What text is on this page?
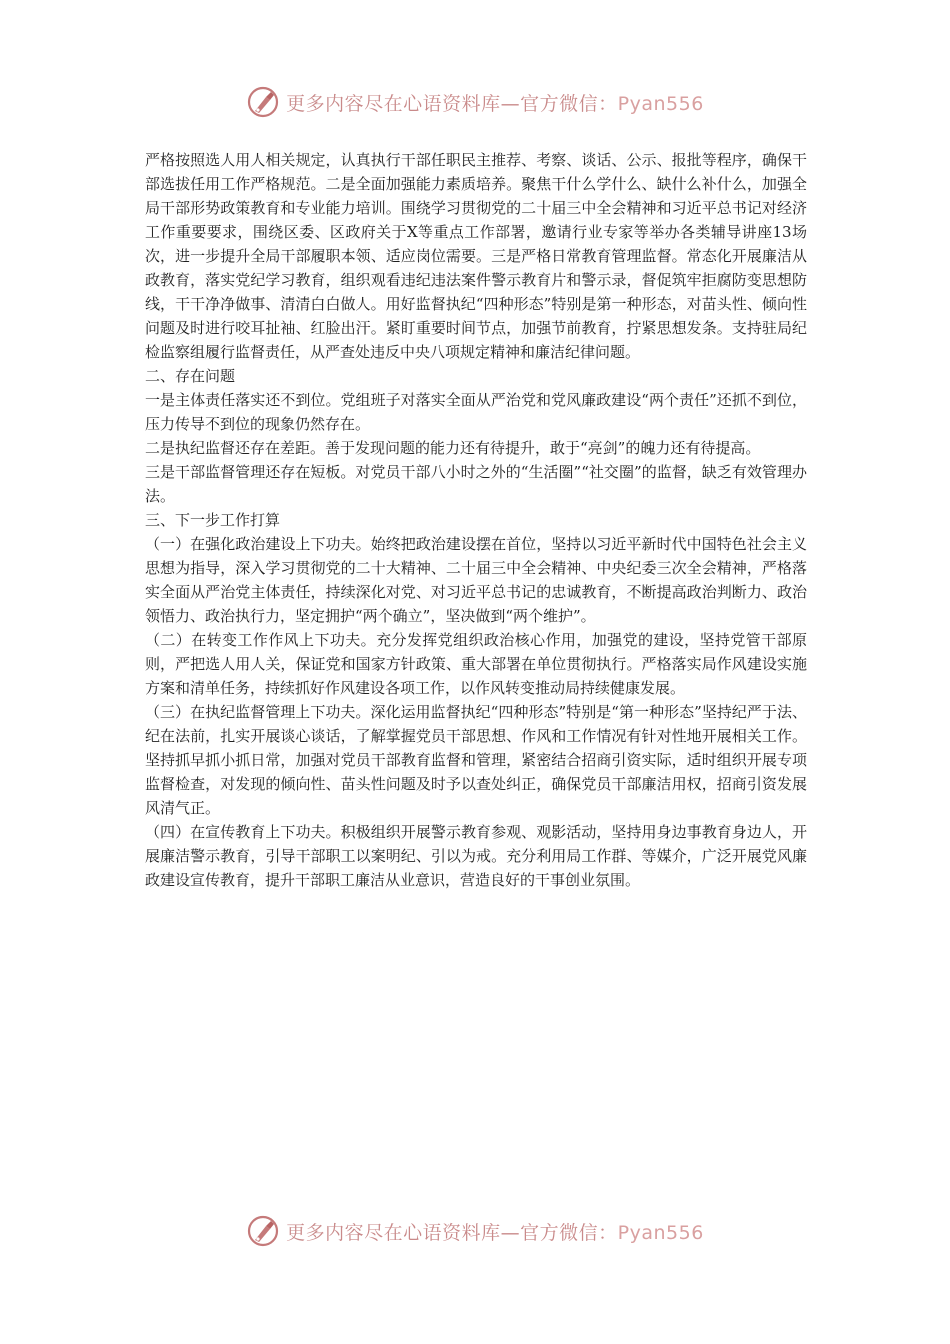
更多内容尽在心语资料库—官方微信：Pyan556

严格按照选人用人相关规定，认真执行干部任职民主推荐、考察、谈话、公示、报批等程序，确保干部选拔任用工作严格规范。二是全面加强能力素质培养。聚焦干什么学什么、缺什么补什么，加强全局干部形势政策教育和专业能力培训。围绕学习贯彻党的二十届三中全会精神和习近平总书记对经济工作重要要求，围绕区委、区政府关于X等重点工作部署，邀请行业专家等举办各类辅导讲座13场次，进一步提升全局干部履职本领、适应岗位需要。三是严格日常教育管理监督。常态化开展廉洁从政教育，落实党纪学习教育，组织观看违纪违法案件警示教育片和警示录，督促筑牢拒腐防变思想防线，干干净净做事、清清白白做人。用好监督执纪“四种形态”特别是第一种形态，对苗头性、倾向性问题及时进行咬耳扯袖、红脸出汗。紧盯重要时间节点，加强节前教育，拧紧思想发条。支持驻局纪检监察组履行监督责任，从严查处违反中央八项规定精神和廉洁纪律问题。

二、存在问题

一是主体责任落实还不到位。党组班子对落实全面从严治党和党风廉政建设“两个责任”还抓不到位，压力传导不到位的现象仍然存在。

二是执纪监督还存在差距。善于发现问题的能力还有待提升，敢于“亮剑”的魄力还有待提高。

三是干部监督管理还存在短板。对党员干部八小时之外的“生活圈”“社交圈”的监督，缺乏有效管理办法。

三、下一步工作打算

（一）在强化政治建设上下功夫。始终把政治建设摆在首位，坚持以习近平新时代中国特色社会主义思想为指导，深入学习贯彻党的二十大精神、二十届三中全会精神、中央纪委三次全会精神，严格落实全面从严治党主体责任，持续深化对党、对习近平总书记的忠诚教育，不断提高政治判断力、政治领悟力、政治执行力，坚定拥护“两个确立”，坚决做到“两个维护”。

（二）在转变工作作风上下功夫。充分发挥党组织政治核心作用，加强党的建设，坚持党管干部原则，严把选人用人关，保证党和国家方针政策、重大部署在单位贯彻执行。严格落实局作风建设实施方案和清单任务，持续抓好作风建设各项工作，以作风转变推动局持续健康发展。

（三）在执纪监督管理上下功夫。深化运用监督执纪“四种形态”特别是“第一种形态”坚持纪严于法、纪在法前，扎实开展谈心谈话，了解掌握党员干部思想、作风和工作情况有针对性地开展相关工作。坚持抓早抓小抓日常，加强对党员干部教育监督和管理，紧密结合招商引资实际，适时组织开展专项监督检查，对发现的倾向性、苗头性问题及时予以查处纠正，确保党员干部廉洁用权，招商引资发展风清气正。

（四）在宣传教育上下功夫。积极组织开展警示教育参观、观影活动，坚持用身边事教育身边人，开展廉洁警示教育，引导干部职工以案明纪、引以为戒。充分利用局工作群、等媒介，广泛开展党风廉政建设宣传教育，提升干部职工廉洁从业意识，营造良好的干事创业氛围。

更多内容尽在心语资料库—官方微信：Pyan556
